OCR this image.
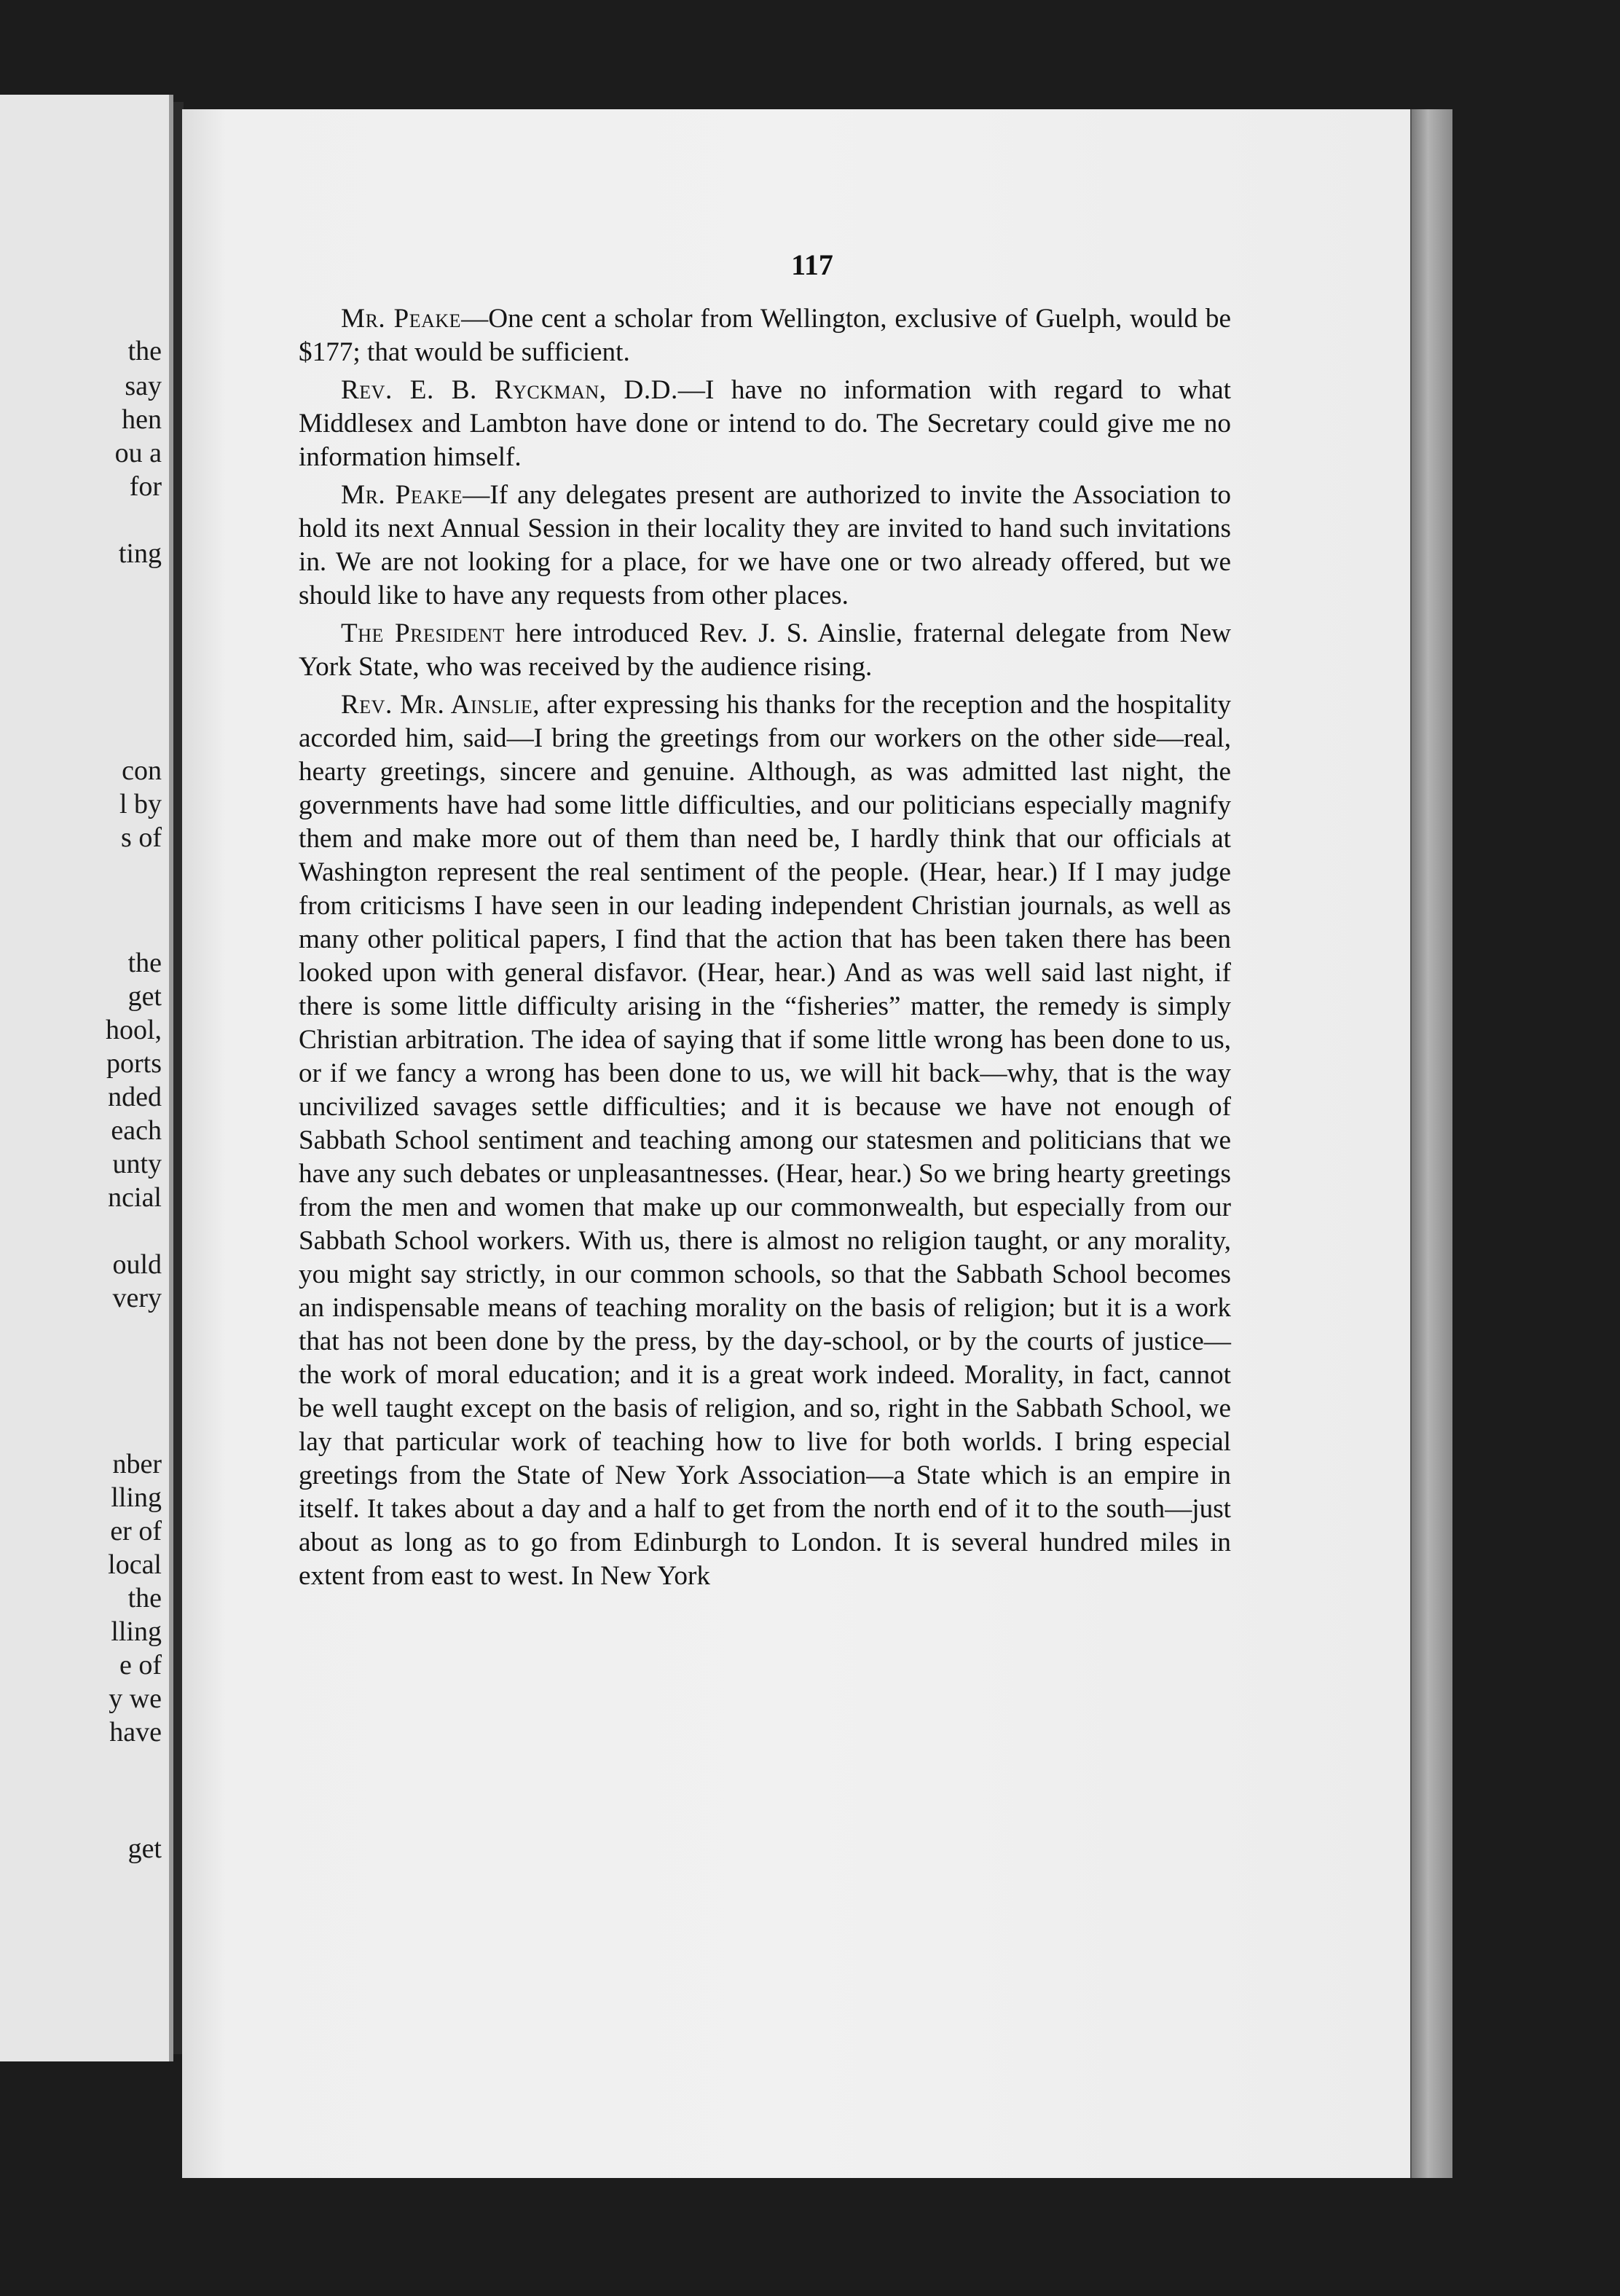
the
say
hen
ou a
for
ting
con
l by
s of
the
get
hool,
ports
nded
each
unty
ncial
ould
very
nber
lling
er of
local
the
lling
e of
y we
have
get
117

Mr. Peake—One cent a scholar from Wellington, exclusive of Guelph, would be $177; that would be sufficient.

Rev. E. B. Ryckman, D.D.—I have no information with regard to what Middlesex and Lambton have done or intend to do. The Secretary could give me no information himself.

Mr. Peake—If any delegates present are authorized to invite the Association to hold its next Annual Session in their locality they are invited to hand such invitations in. We are not looking for a place, for we have one or two already offered, but we should like to have any requests from other places.

The President here introduced Rev. J. S. Ainslie, fraternal delegate from New York State, who was received by the audience rising.

Rev. Mr. Ainslie, after expressing his thanks for the reception and the hospitality accorded him, said—I bring the greetings from our workers on the other side—real, hearty greetings, sincere and genuine. Although, as was admitted last night, the governments have had some little difficulties, and our politicians especially magnify them and make more out of them than need be, I hardly think that our officials at Washington represent the real sentiment of the people. (Hear, hear.) If I may judge from criticisms I have seen in our leading independent Christian journals, as well as many other political papers, I find that the action that has been taken there has been looked upon with general disfavor. (Hear, hear.) And as was well said last night, if there is some little difficulty arising in the “fisheries” matter, the remedy is simply Christian arbitration. The idea of saying that if some little wrong has been done to us, or if we fancy a wrong has been done to us, we will hit back—why, that is the way uncivilized savages settle difficulties; and it is because we have not enough of Sabbath School sentiment and teaching among our statesmen and politicians that we have any such debates or unpleasantnesses. (Hear, hear.) So we bring hearty greetings from the men and women that make up our commonwealth, but especially from our Sabbath School workers. With us, there is almost no religion taught, or any morality, you might say strictly, in our common schools, so that the Sabbath School becomes an indispensable means of teaching morality on the basis of religion; but it is a work that has not been done by the press, by the day-school, or by the courts of justice—the work of moral education; and it is a great work indeed. Morality, in fact, cannot be well taught except on the basis of religion, and so, right in the Sabbath School, we lay that particular work of teaching how to live for both worlds. I bring especial greetings from the State of New York Association—a State which is an empire in itself. It takes about a day and a half to get from the north end of it to the south—just about as long as to go from Edinburgh to London. It is several hundred miles in extent from east to west. In New York
